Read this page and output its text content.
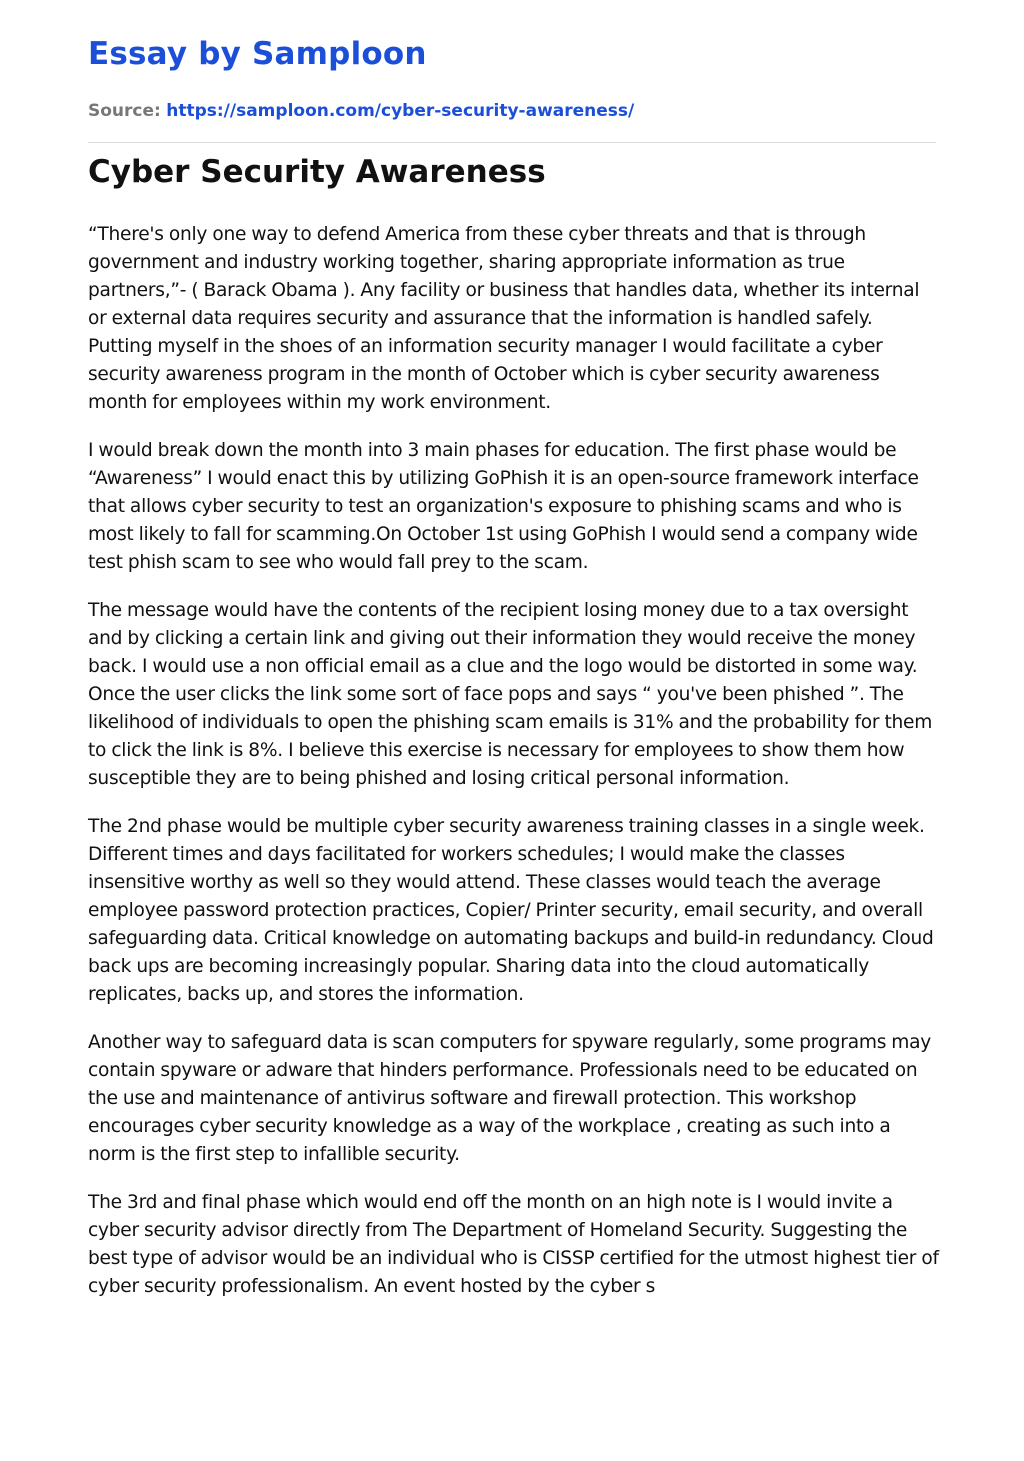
Essay by Samploon
Source: https://samploon.com/cyber-security-awareness/
Cyber Security Awareness

“There's only one way to defend America from these cyber threats and that is through government and industry working together, sharing appropriate information as true partners,”- ( Barack Obama ). Any facility or business that handles data, whether its internal or external data requires security and assurance that the information is handled safely. Putting myself in the shoes of an information security manager I would facilitate a cyber security awareness program in the month of October which is cyber security awareness month for employees within my work environment.

I would break down the month into 3 main phases for education. The first phase would be “Awareness” I would enact this by utilizing GoPhish it is an open-source framework interface that allows cyber security to test an organization's exposure to phishing scams and who is most likely to fall for scamming.On October 1st using GoPhish I would send a company wide test phish scam to see who would fall prey to the scam.

The message would have the contents of the recipient losing money due to a tax oversight and by clicking a certain link and giving out their information they would receive the money back. I would use a non official email as a clue and the logo would be distorted in some way. Once the user clicks the link some sort of face pops and says “ you've been phished ”. The likelihood of individuals to open the phishing scam emails is 31% and the probability for them to click the link is 8%. I believe this exercise is necessary for employees to show them how susceptible they are to being phished and losing critical personal information.

The 2nd phase would be multiple cyber security awareness training classes in a single week. Different times and days facilitated for workers schedules; I would make the classes insensitive worthy as well so they would attend. These classes would teach the average employee password protection practices, Copier/ Printer security, email security, and overall safeguarding data. Critical knowledge on automating backups and build-in redundancy. Cloud back ups are becoming increasingly popular. Sharing data into the cloud automatically replicates, backs up, and stores the information.

Another way to safeguard data is scan computers for spyware regularly, some programs may contain spyware or adware that hinders performance. Professionals need to be educated on the use and maintenance of antivirus software and firewall protection. This workshop encourages cyber security knowledge as a way of the workplace , creating as such into a norm is the first step to infallible security.

The 3rd and final phase which would end off the month on an high note is I would invite a cyber security advisor directly from The Department of Homeland Security. Suggesting the best type of advisor would be an individual who is CISSP certified for the utmost highest tier of cyber security professionalism. An event hosted by the cyber s
